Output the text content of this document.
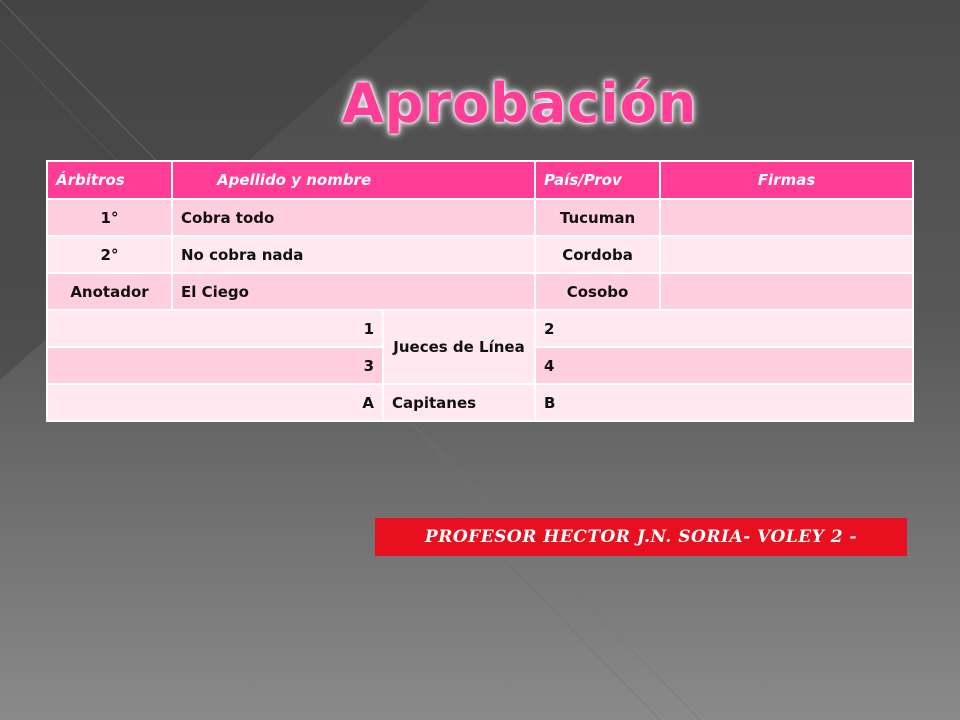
Aprobación
Árbitros	Apellido y nombre		País/Prov	Firmas
1°	Cobra todo		Tucuman	
2°	No cobra nada		Cordoba	
Anotador	El Ciego		Cosobo	
1		Jueces de Línea	2	
3			4	
A		Capitanes	B	
PROFESOR HECTOR J.N. SORIA- VOLEY 2 -
